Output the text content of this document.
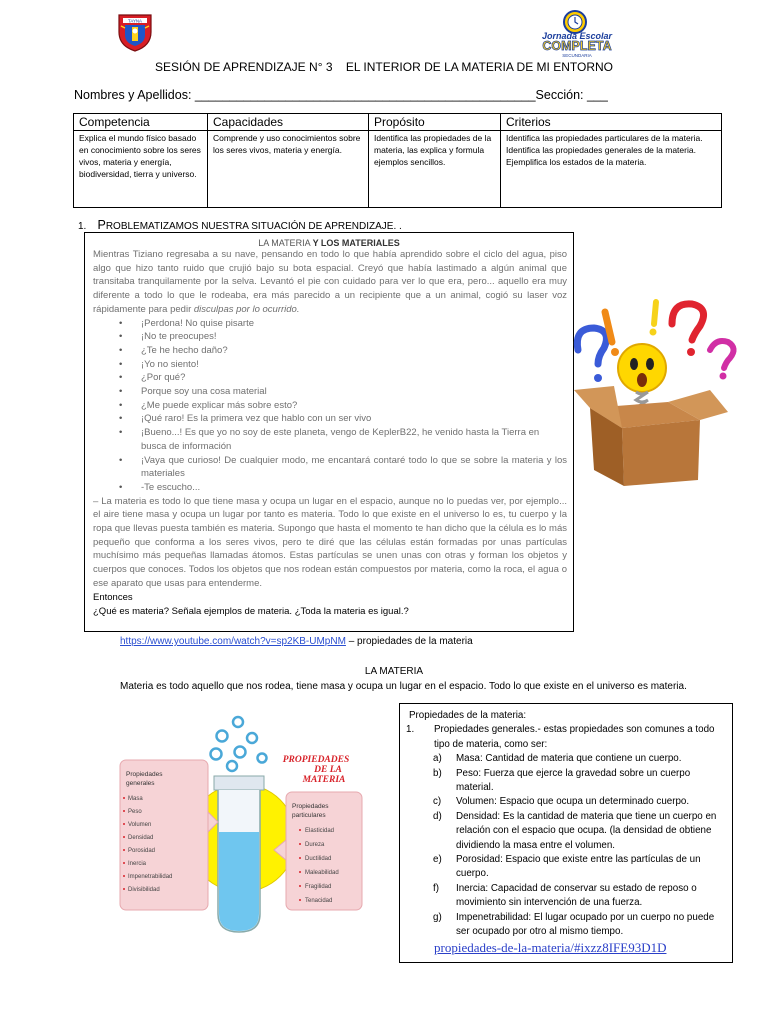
TAYNA
Jornada Escolar
COMPLETA
SECUNDARIA
SESIÓN DE APRENDIZAJE N° 3    EL INTERIOR DE LA MATERIA DE MI ENTORNO
Nombres y Apellidos: _________________________________________________Sección: ___
Competencia	Capacidades	Propósito	Criterios
Explica el mundo físico basado en conocimiento sobre los seres vivos, materia y energía, biodiversidad, tierra y universo.	Comprende y uso conocimientos sobre los seres vivos, materia y energía.	Identifica las propiedades de la materia, las explica y formula ejemplos sencillos.	Identifica las propiedades particulares de la materia.
Identifica las propiedades generales de la materia.
Ejemplifica los estados de la materia.
1. PROBLEMATIZAMOS NUESTRA SITUACIÓN DE APRENDIZAJE. .
LA MATERIA Y LOS MATERIALES
Mientras Tiziano regresaba a su nave, pensando en todo lo que había aprendido sobre el ciclo del agua, piso algo que hizo tanto ruido que crujió bajo su bota espacial. Creyó que había lastimado a algún animal que transitaba tranquilamente por la selva. Levantó el pie con cuidado para ver lo que era, pero... aquello era muy diferente a todo lo que le rodeaba, era más parecido a un recipiente que a un animal, cogió su laser voz rápidamente para pedir disculpas por lo ocurrido.
• ¡Perdona! No quise pisarte
• ¡No te preocupes!
• ¿Te he hecho daño?
• ¡Yo no siento!
• ¿Por qué?
• Porque soy una cosa material
• ¿Me puede explicar más sobre esto?
• ¡Qué raro! Es la primera vez que hablo con un ser vivo
• ¡Bueno...! Es que yo no soy de este planeta, vengo de KeplerB22, he venido hasta la Tierra en busca de información
• ¡Vaya que curioso! De cualquier modo, me encantará contaré todo lo que se sobre la materia y los materiales
• -Te escucho...
– La materia es todo lo que tiene masa y ocupa un lugar en el espacio, aunque no lo puedas ver, por ejemplo... el aire tiene masa y ocupa un lugar por tanto es materia. Todo lo que existe en el universo lo es, tu cuerpo y la ropa que llevas puesta también es materia. Supongo que hasta el momento te han dicho que la célula es lo más pequeño que conforma a los seres vivos, pero te diré que las células están formadas por unas partículas muchísimo más pequeñas llamadas átomos. Estas partículas se unen unas con otras y forman los objetos y cuerpos que conoces. Todos los objetos que nos rodean están compuestos por materia, como la roca, el agua o ese aparato que usas para entenderme.
Entonces
¿Qué es materia? Señala ejemplos de materia. ¿Toda la materia es igual.?
https://www.youtube.com/watch?v=sp2KB-UMpNM – propiedades de la materia
LA MATERIA
Materia es todo aquello que nos rodea, tiene masa y ocupa un lugar en el espacio. Todo lo que existe en el universo es materia.
Propiedades
generales
Masa
Peso
Volumen
Densidad
Porosidad
Inercia
Impenetrabilidad
Divisibilidad
PROPIEDADES
DE LA
MATERIA
Propiedades
particulares
Elasticidad
Dureza
Ductilidad
Maleabilidad
Fragilidad
Tenacidad
Propiedades de la materia:
1. Propiedades generales.- estas propiedades son comunes a todo tipo de materia, como ser:
a) Masa: Cantidad de materia que contiene un cuerpo.
b) Peso: Fuerza que ejerce la gravedad sobre un cuerpo material.
c) Volumen: Espacio que ocupa un determinado cuerpo.
d) Densidad: Es la cantidad de materia que tiene un cuerpo en relación con el espacio que ocupa. (la densidad de obtiene dividiendo la masa entre el volumen.
e) Porosidad: Espacio que existe entre las partículas de un cuerpo.
f) Inercia: Capacidad de conservar su estado de reposo o movimiento sin intervención de una fuerza.
g) Impenetrabilidad: El lugar ocupado por un cuerpo no puede ser ocupado por otro al mismo tiempo.
propiedades-de-la-materia/#ixzz8IFE93D1D
